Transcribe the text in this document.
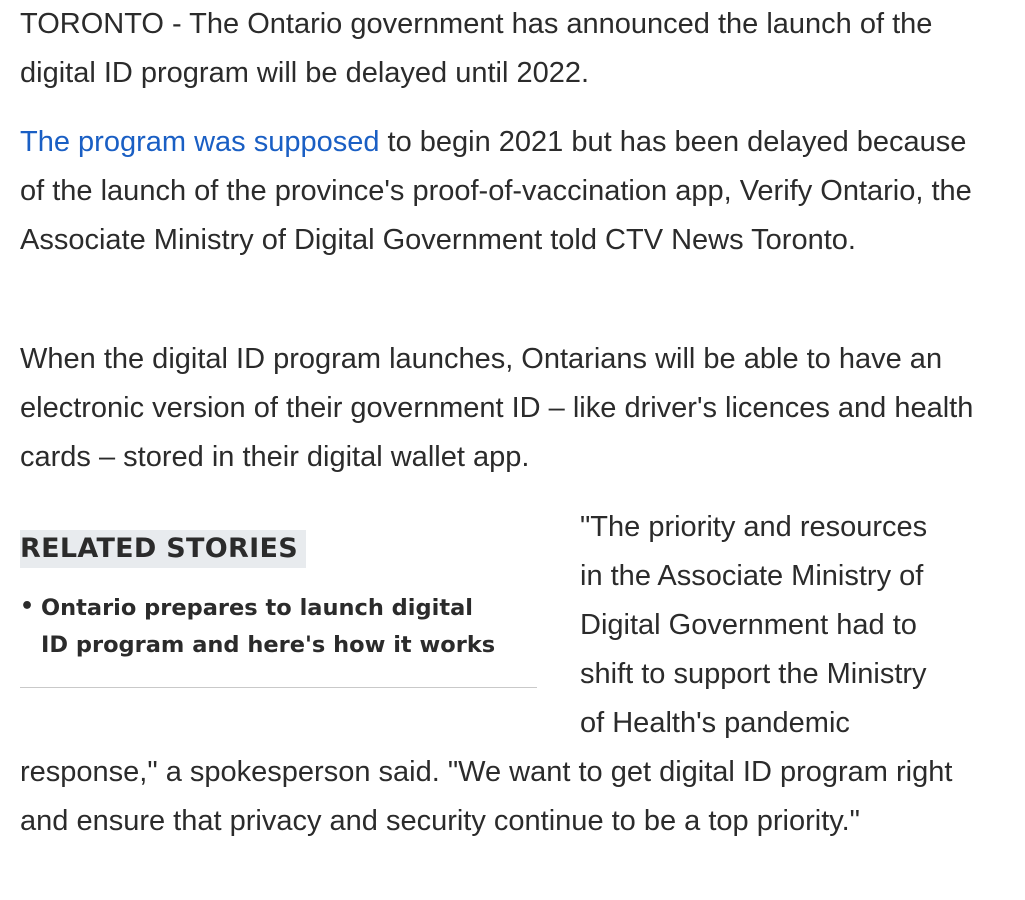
TORONTO - The Ontario government has announced the launch of the digital ID program will be delayed until 2022.

The program was supposed to begin 2021 but has been delayed because of the launch of the province's proof-of-vaccination app, Verify Ontario, the Associate Ministry of Digital Government told CTV News Toronto.

When the digital ID program launches, Ontarians will be able to have an electronic version of their government ID – like driver's licences and health cards – stored in their digital wallet app.

"The priority and resources
in the Associate Ministry of
Digital Government had to
shift to support the Ministry
of Health's pandemic

response," a spokesperson said. "We want to get digital ID program right and ensure that privacy and security continue to be a top priority."

RELATED STORIES
• Ontario prepares to launch digital
ID program and here's how it works
